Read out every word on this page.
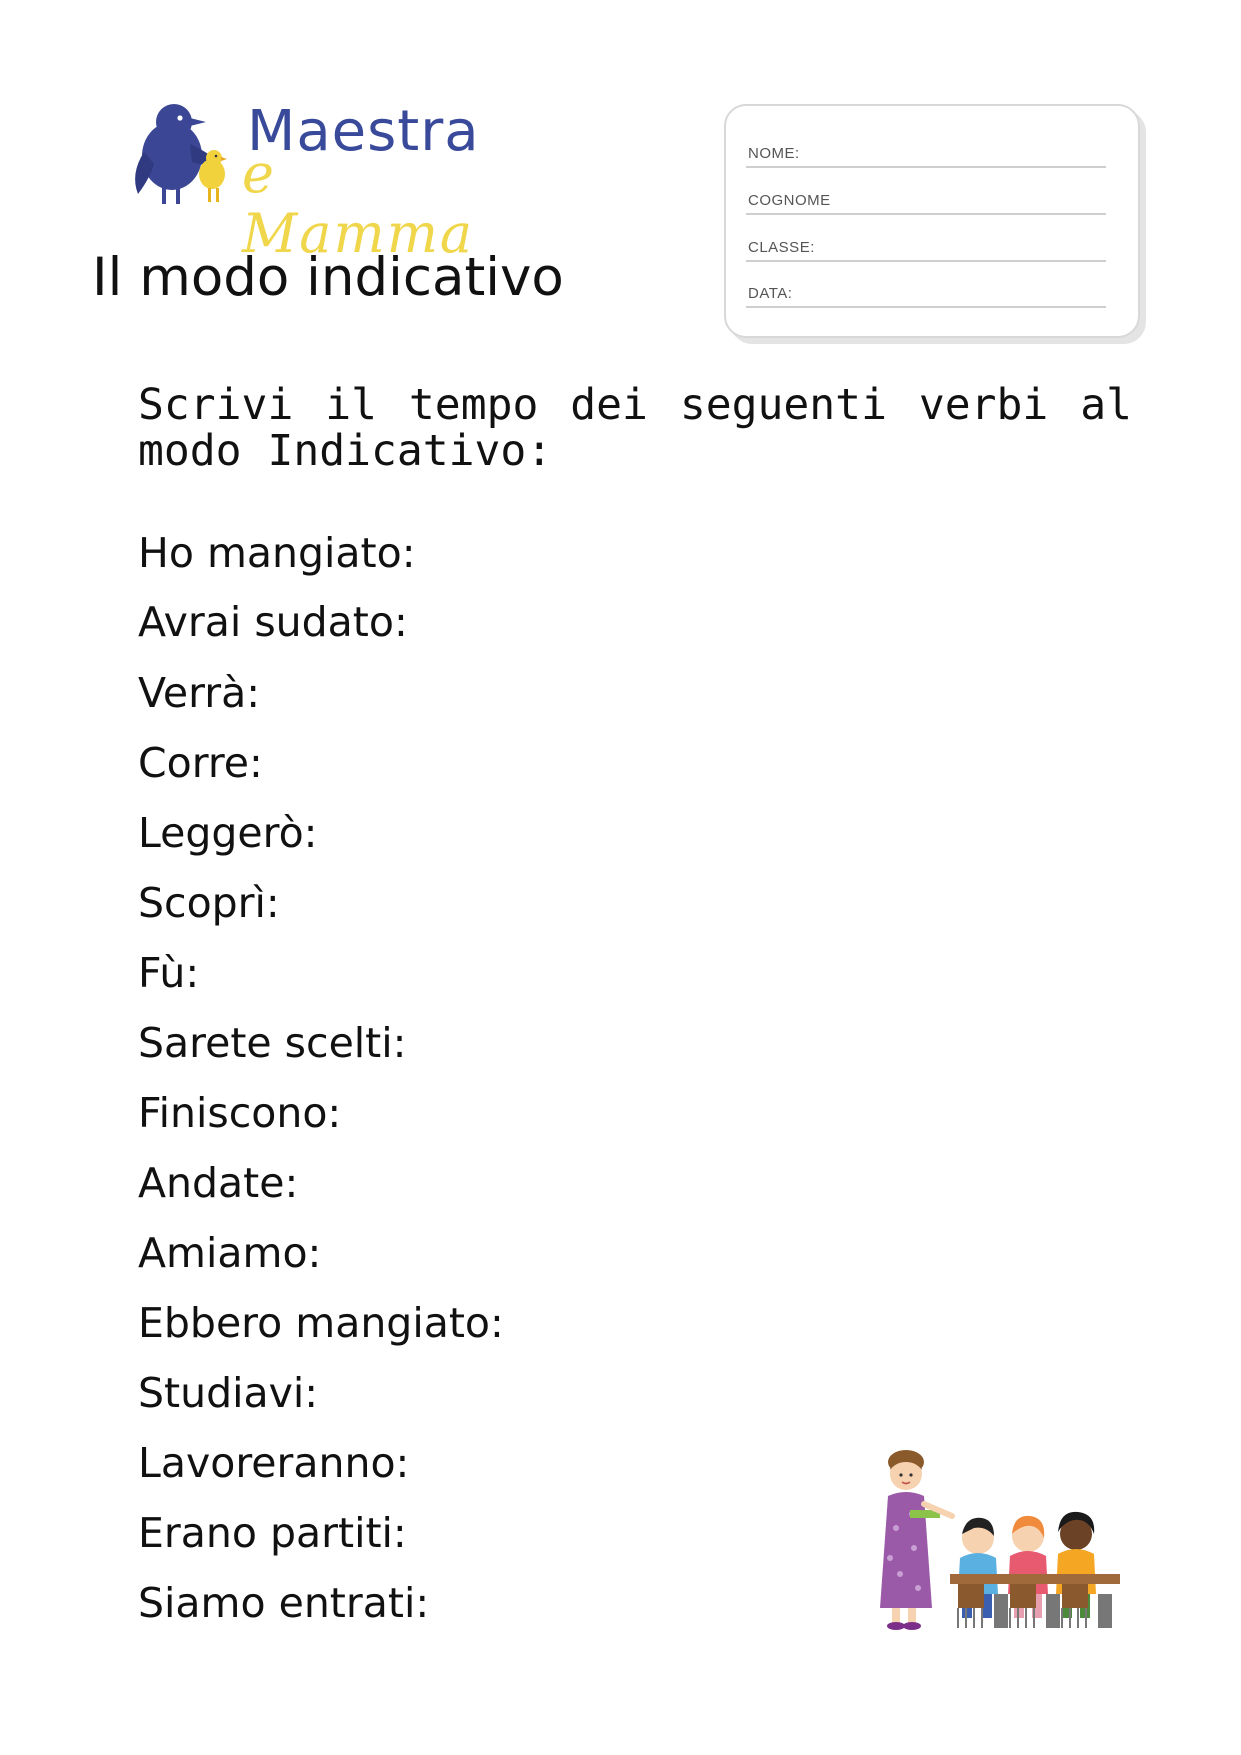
Maestra
e Mamma
Il modo indicativo
NOME:
COGNOME
CLASSE:
DATA:
Scrivi il tempo dei seguenti verbi al modo Indicativo:
Ho mangiato:
Avrai sudato:
Verrà:
Corre:
Leggerò:
Scoprì:
Fù:
Sarete scelti:
Finiscono:
Andate:
Amiamo:
Ebbero mangiato:
Studiavi:
Lavoreranno:
Erano partiti:
Siamo entrati:
